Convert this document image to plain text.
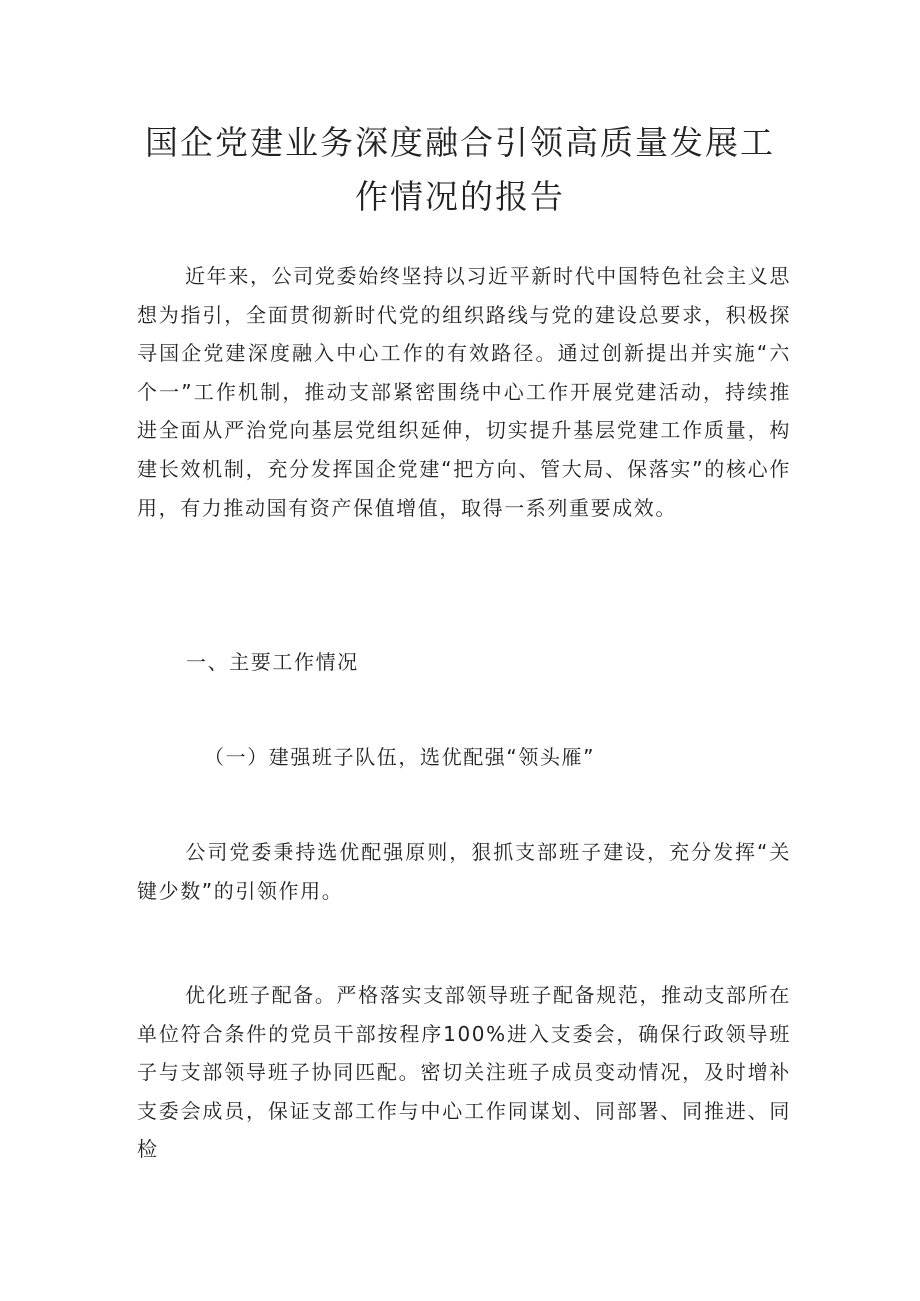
国企党建业务深度融合引领高质量发展工
作情况的报告
近年来，公司党委始终坚持以习近平新时代中国特色社会主义思想为指引，全面贯彻新时代党的组织路线与党的建设总要求，积极探寻国企党建深度融入中心工作的有效路径。通过创新提出并实施“六个一”工作机制，推动支部紧密围绕中心工作开展党建活动，持续推进全面从严治党向基层党组织延伸，切实提升基层党建工作质量，构建长效机制，充分发挥国企党建“把方向、管大局、保落实”的核心作用，有力推动国有资产保值增值，取得一系列重要成效。
一、主要工作情况
（一）建强班子队伍，选优配强“领头雁”
公司党委秉持选优配强原则，狠抓支部班子建设，充分发挥“关键少数”的引领作用。
优化班子配备。严格落实支部领导班子配备规范，推动支部所在单位符合条件的党员干部按程序100%进入支委会，确保行政领导班子与支部领导班子协同匹配。密切关注班子成员变动情况，及时增补支委会成员，保证支部工作与中心工作同谋划、同部署、同推进、同检
